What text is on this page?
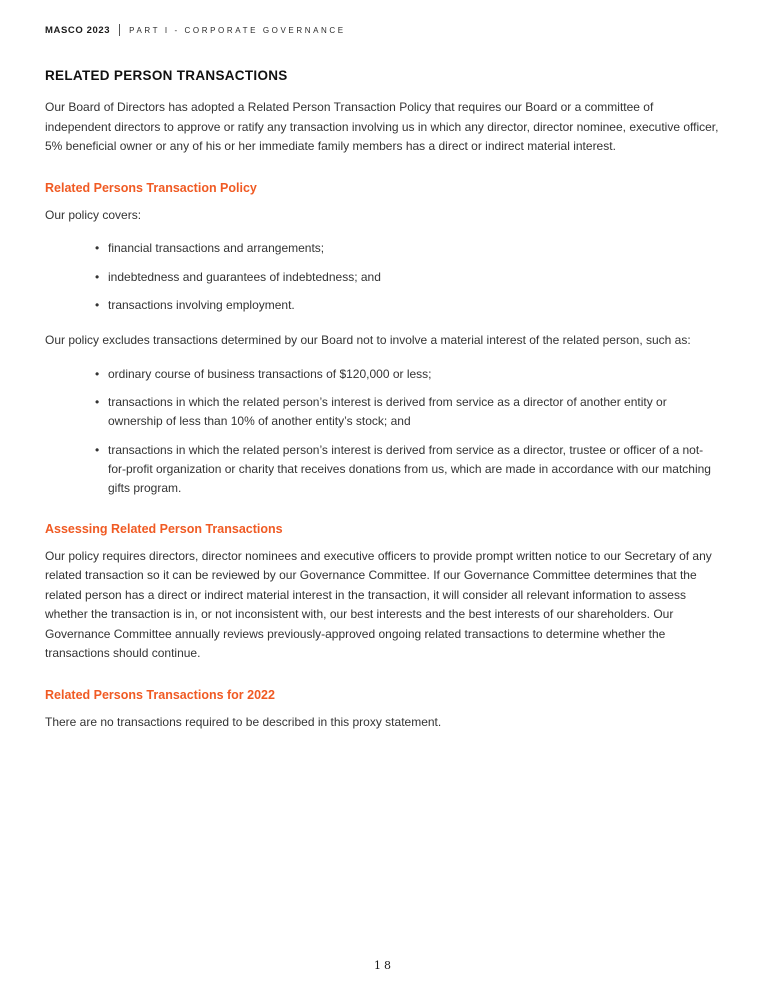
MASCO 2023 PART I - CORPORATE GOVERNANCE
RELATED PERSON TRANSACTIONS

Our Board of Directors has adopted a Related Person Transaction Policy that requires our Board or a committee of independent directors to approve or ratify any transaction involving us in which any director, director nominee, executive officer, 5% beneficial owner or any of his or her immediate family members has a direct or indirect material interest.

Related Persons Transaction Policy

Our policy covers:

• financial transactions and arrangements;
• indebtedness and guarantees of indebtedness; and
• transactions involving employment.

Our policy excludes transactions determined by our Board not to involve a material interest of the related person, such as:

• ordinary course of business transactions of $120,000 or less;
• transactions in which the related person’s interest is derived from service as a director of another entity or ownership of less than 10% of another entity’s stock; and
• transactions in which the related person’s interest is derived from service as a director, trustee or officer of a not-for-profit organization or charity that receives donations from us, which are made in accordance with our matching gifts program.
Assessing Related Person Transactions

Our policy requires directors, director nominees and executive officers to provide prompt written notice to our Secretary of any related transaction so it can be reviewed by our Governance Committee. If our Governance Committee determines that the related person has a direct or indirect material interest in the transaction, it will consider all relevant information to assess whether the transaction is in, or not inconsistent with, our best interests and the best interests of our shareholders. Our Governance Committee annually reviews previously-approved ongoing related transactions to determine whether the transactions should continue.

Related Persons Transactions for 2022

There are no transactions required to be described in this proxy statement.

18
